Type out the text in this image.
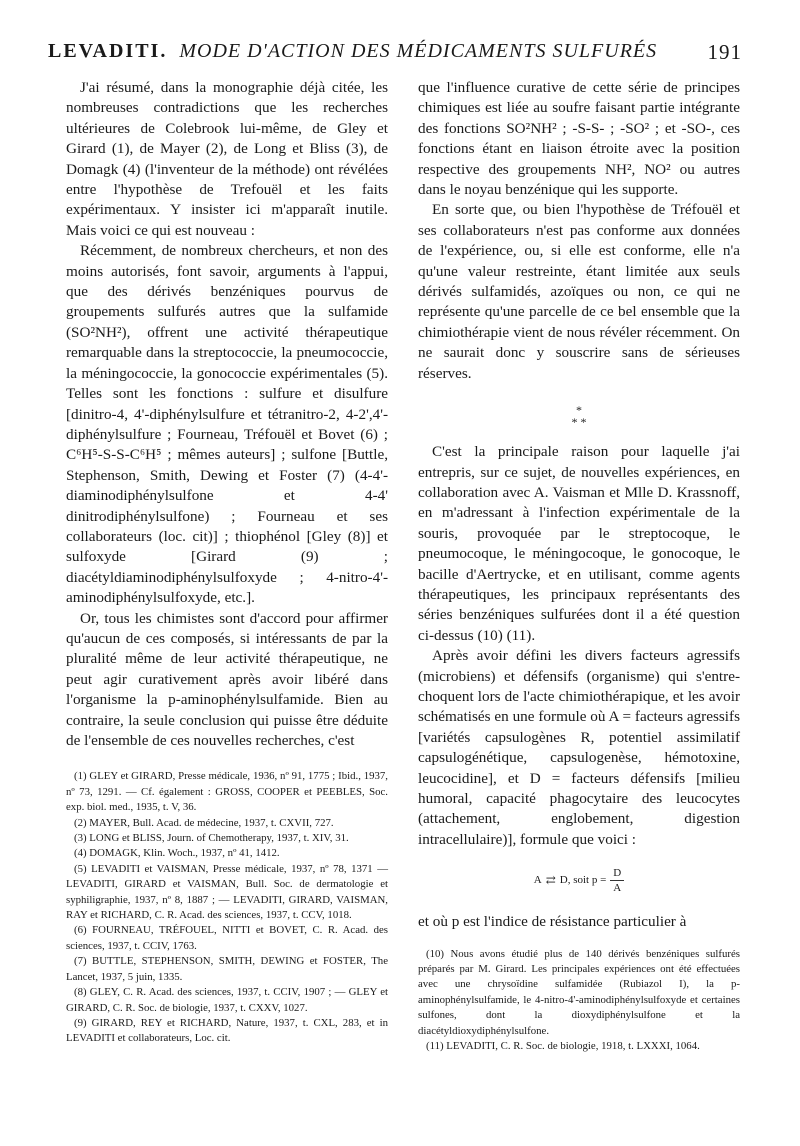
LEVADITI. MODE D'ACTION DES MÉDICAMENTS SULFURÉS 191

J'ai résumé, dans la monographie déjà citée, les nombreuses contradictions que les recherches ultérieures de Colebrook lui-même, de Gley et Girard (1), de Mayer (2), de Long et Bliss (3), de Domagk (4) (l'inventeur de la méthode) ont révélées entre l'hypothèse de Trefouël et les faits expérimentaux. Y insister ici m'apparaît inutile. Mais voici ce qui est nouveau :

Récemment, de nombreux chercheurs, et non des moins autorisés, font savoir, arguments à l'appui, que des dérivés benzéniques pourvus de groupements sulfurés autres que la sulfamide (SO²NH²), offrent une activité thérapeutique remarquable dans la streptococcie, la pneumococcie, la méningococcie, la gonococcie expérimentales (5). Telles sont les fonctions : sulfure et disulfure [dinitro-4, 4'-diphénylsulfure et tétranitro-2, 4-2',4'-diphénylsulfure ; Fourneau, Tréfouël et Bovet (6) ; C⁶H⁵-S-S-C⁶H⁵ ; mêmes auteurs] ; sulfone [Buttle, Stephenson, Smith, Dewing et Foster (7) (4-4'-diaminodiphénylsulfone et 4-4' dinitrodiphénylsulfone) ; Fourneau et ses collaborateurs (loc. cit)] ; thiophénol [Gley (8)] et sulfoxyde [Girard (9) ; diacétyldiaminodiphénylsulfoxyde ; 4-nitro-4'-aminodiphénylsulfoxyde, etc.].

Or, tous les chimistes sont d'accord pour affirmer qu'aucun de ces composés, si intéressants de par la pluralité même de leur activité thérapeutique, ne peut agir curativement après avoir libéré dans l'organisme la p-aminophénylsulfamide. Bien au contraire, la seule conclusion qui puisse être déduite de l'ensemble de ces nouvelles recherches, c'est

(1) GLEY et GIRARD, Presse médicale, 1936, nº 91, 1775 ; Ibid., 1937, nº 73, 1291. — Cf. également : GROSS, COOPER et PEEBLES, Soc. exp. biol. med., 1935, t. V, 36.

(2) MAYER, Bull. Acad. de médecine, 1937, t. CXVII, 727.

(3) LONG et BLISS, Journ. of Chemotherapy, 1937, t. XIV, 31.

(4) DOMAGK, Klin. Woch., 1937, nº 41, 1412.

(5) LEVADITI et VAISMAN, Presse médicale, 1937, nº 78, 1371 — LEVADITI, GIRARD et VAISMAN, Bull. Soc. de dermatologie et syphiligraphie, 1937, nº 8, 1887 ; — LEVADITI, GIRARD, VAISMAN, RAY et RICHARD, C. R. Acad. des sciences, 1937, t. CCV, 1018.

(6) FOURNEAU, TRÉFOUEL, NITTI et BOVET, C. R. Acad. des sciences, 1937, t. CCIV, 1763.

(7) BUTTLE, STEPHENSON, SMITH, DEWING et FOSTER, The Lancet, 1937, 5 juin, 1335.

(8) GLEY, C. R. Acad. des sciences, 1937, t. CCIV, 1907 ; — GLEY et GIRARD, C. R. Soc. de biologie, 1937, t. CXXV, 1027.

(9) GIRARD, REY et RICHARD, Nature, 1937, t. CXL, 283, et in LEVADITI et collaborateurs, Loc. cit.

que l'influence curative de cette série de principes chimiques est liée au soufre faisant partie intégrante des fonctions SO²NH² ; -S-S- ; -SO² ; et -SO-, ces fonctions étant en liaison étroite avec la position respective des groupements NH², NO² ou autres dans le noyau benzénique qui les supporte.

En sorte que, ou bien l'hypothèse de Tréfouël et ses collaborateurs n'est pas conforme aux données de l'expérience, ou, si elle est conforme, elle n'a qu'une valeur restreinte, étant limitée aux seuls dérivés sulfamidés, azoïques ou non, ce qui ne représente qu'une parcelle de ce bel ensemble que la chimiothérapie vient de nous révéler récemment. On ne saurait donc y souscrire sans de sérieuses réserves.

*
* *

C'est la principale raison pour laquelle j'ai entrepris, sur ce sujet, de nouvelles expériences, en collaboration avec A. Vaisman et Mlle D. Krassnoff, en m'adressant à l'infection expérimentale de la souris, provoquée par le streptocoque, le pneumocoque, le méningocoque, le gonocoque, le bacille d'Aertrycke, et en utilisant, comme agents thérapeutiques, les principaux représentants des séries benzéniques sulfurées dont il a été question ci-dessus (10) (11).

Après avoir défini les divers facteurs agressifs (microbiens) et défensifs (organisme) qui s'entre-choquent lors de l'acte chimiothérapique, et les avoir schématisés en une formule où A = facteurs agressifs [variétés capsulogènes R, potentiel assimilatif capsulogénétique, capsulogenèse, hémotoxine, leucocidine], et D = facteurs défensifs [milieu humoral, capacité phagocytaire des leucocytes (attachement, englobement, digestion intracellulaire)], formule que voici :

A ⇄ D, soit $p = \frac{D}{A}$

et où p est l'indice de résistance particulier à

(10) Nous avons étudié plus de 140 dérivés benzéniques sulfurés préparés par M. Girard. Les principales expériences ont été effectuées avec une chrysoïdine sulfamidée (Rubiazol I), la p-aminophénylsulfamide, le 4-nitro-4'-aminodiphénylsulfoxyde et certaines sulfones, dont la dioxydiphénylsulfone et la diacétyldioxydiphénylsulfone.

(11) LEVADITI, C. R. Soc. de biologie, 1918, t. LXXXI, 1064.
